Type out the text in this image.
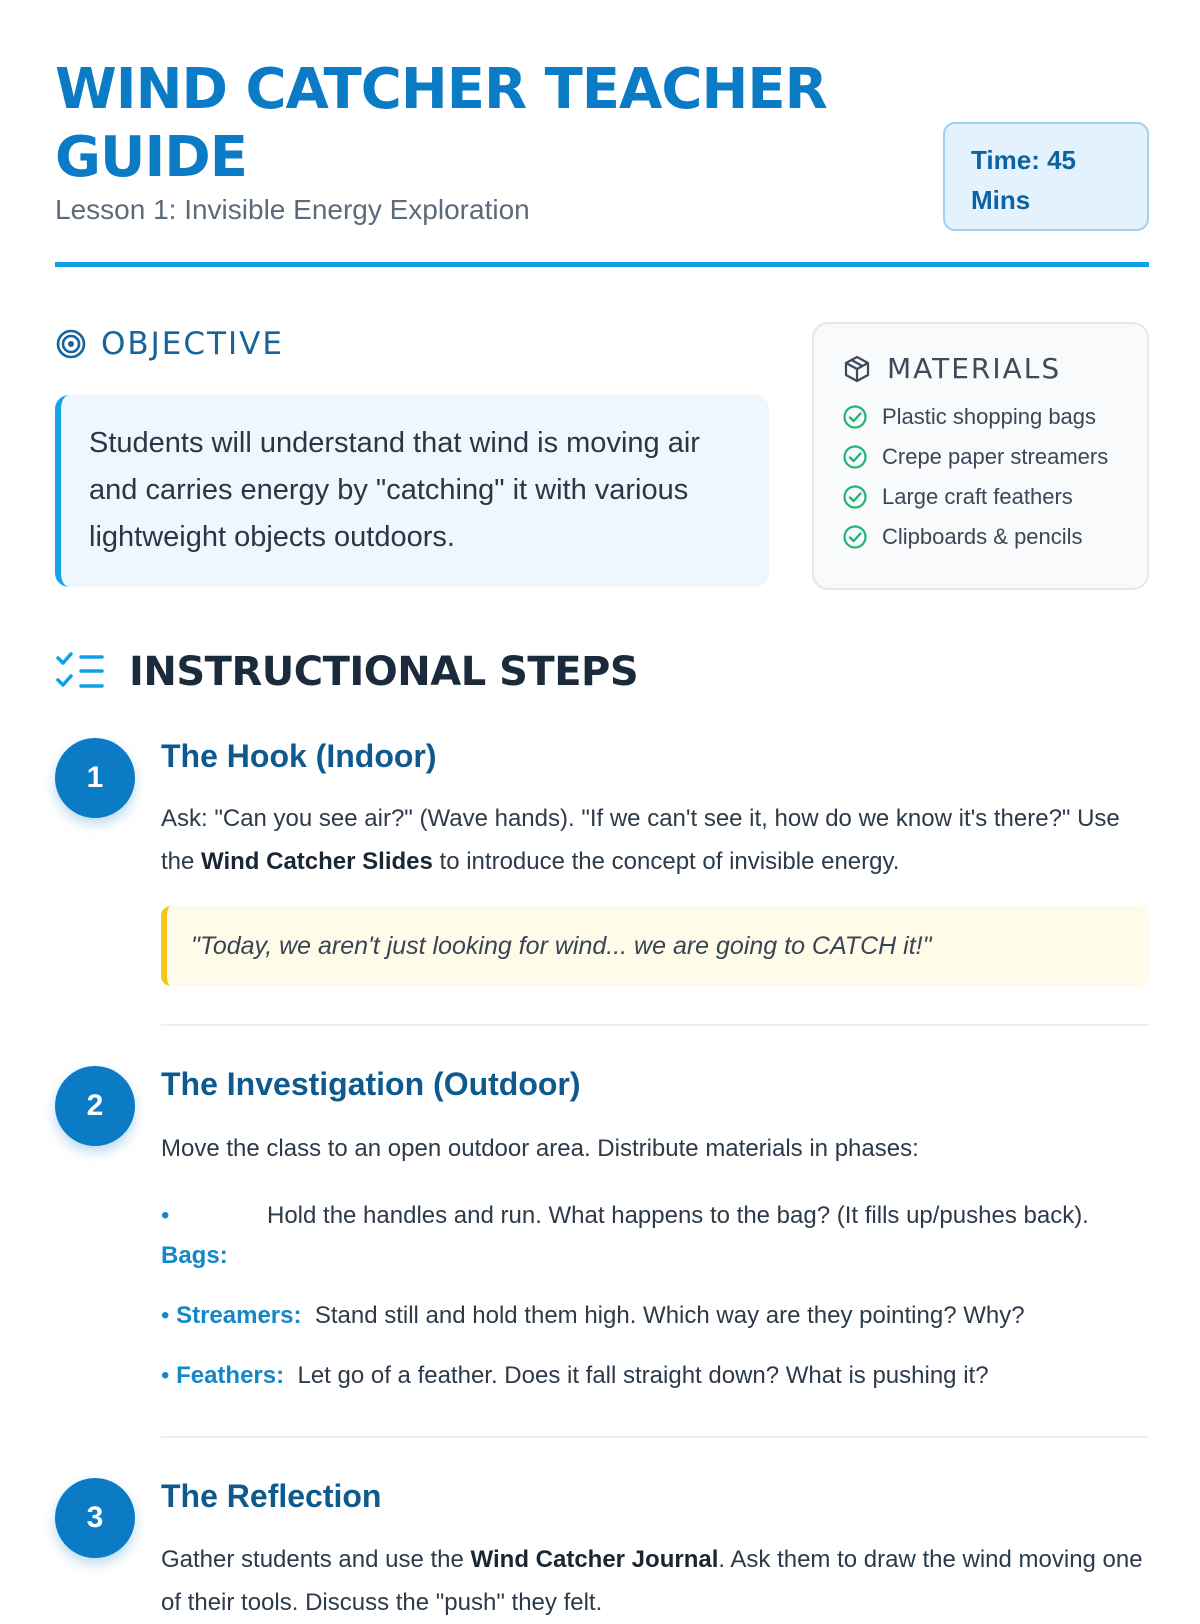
WIND CATCHER TEACHER GUIDE
Lesson 1: Invisible Energy Exploration
Time: 45 Mins
OBJECTIVE
Students will understand that wind is moving air and carries energy by "catching" it with various lightweight objects outdoors.
MATERIALS
Plastic shopping bags
Crepe paper streamers
Large craft feathers
Clipboards & pencils
INSTRUCTIONAL STEPS
1
The Hook (Indoor)
Ask: "Can you see air?" (Wave hands). "If we can't see it, how do we know it's there?" Use the Wind Catcher Slides to introduce the concept of invisible energy.
"Today, we aren't just looking for wind... we are going to CATCH it!"
2
The Investigation (Outdoor)
Move the class to an open outdoor area. Distribute materials in phases:
•
Bags:
Hold the handles and run. What happens to the bag? (It fills up/pushes back).
• Streamers: Stand still and hold them high. Which way are they pointing? Why?
• Feathers: Let go of a feather. Does it fall straight down? What is pushing it?
3
The Reflection
Gather students and use the Wind Catcher Journal. Ask them to draw the wind moving one of their tools. Discuss the "push" they felt.
